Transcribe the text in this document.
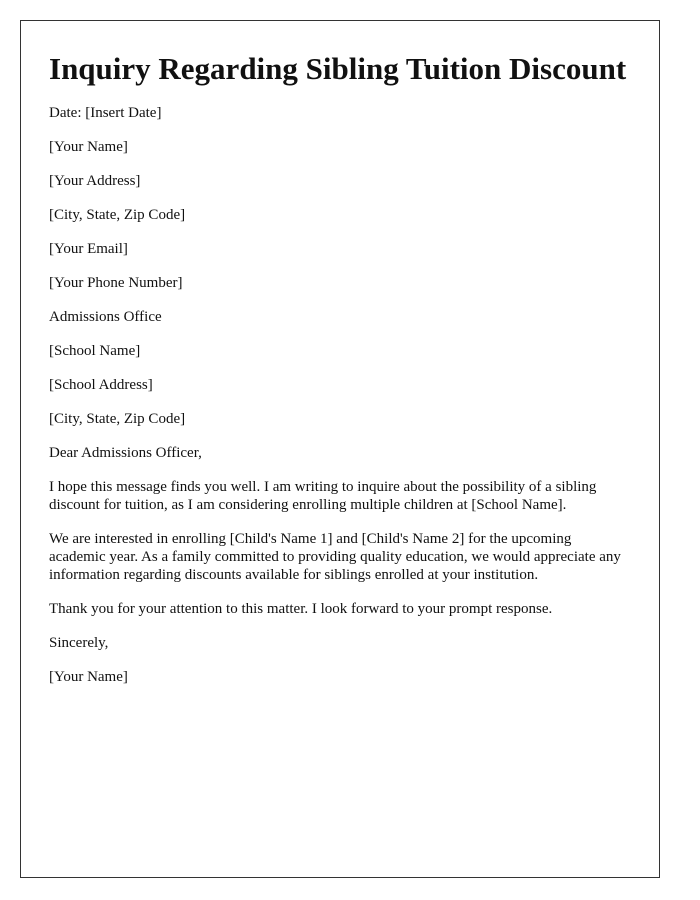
Inquiry Regarding Sibling Tuition Discount
Date: [Insert Date]
[Your Name]
[Your Address]
[City, State, Zip Code]
[Your Email]
[Your Phone Number]
Admissions Office
[School Name]
[School Address]
[City, State, Zip Code]
Dear Admissions Officer,

I hope this message finds you well. I am writing to inquire about the possibility of a sibling discount for tuition, as I am considering enrolling multiple children at [School Name].

We are interested in enrolling [Child's Name 1] and [Child's Name 2] for the upcoming academic year. As a family committed to providing quality education, we would appreciate any information regarding discounts available for siblings enrolled at your institution.

Thank you for your attention to this matter. I look forward to your prompt response.

Sincerely,
[Your Name]
